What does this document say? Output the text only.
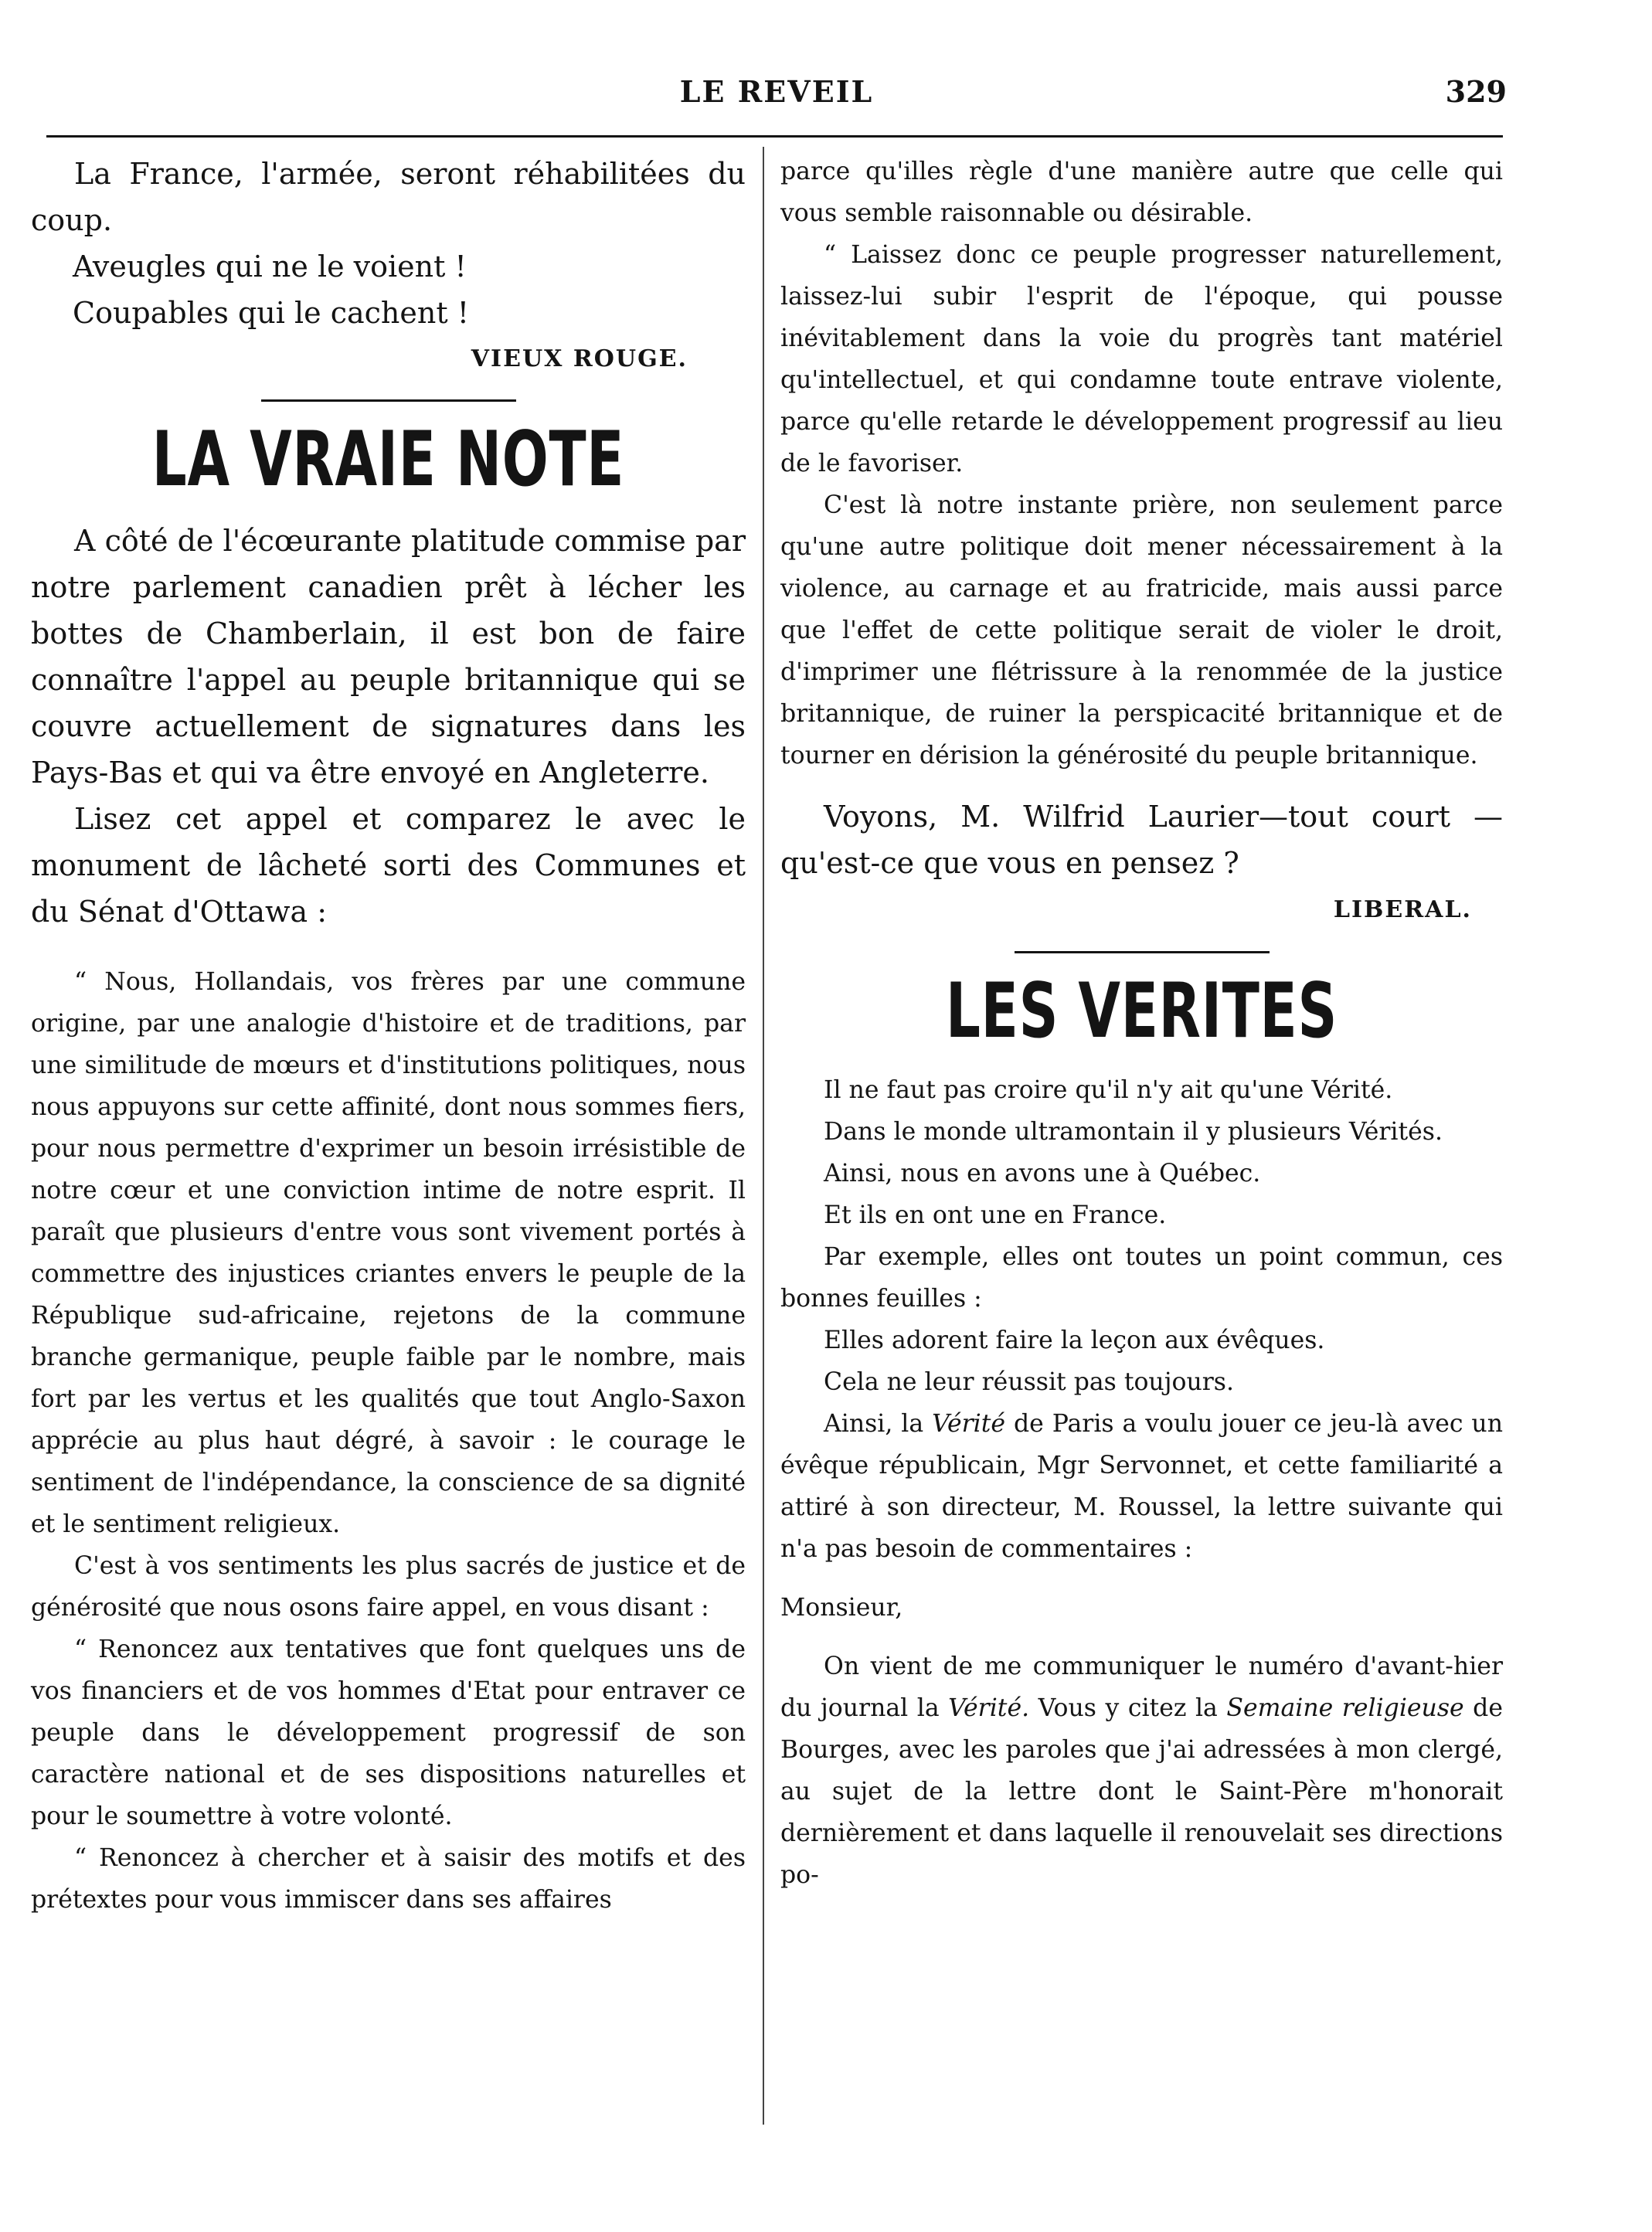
LE REVEIL	329

La France, l'armée, seront réhabilitées du coup.

Aveugles qui ne le voient !

Coupables qui le cachent !

VIEUX ROUGE.

LA VRAIE NOTE

A côté de l'écœurante platitude commise par notre parlement canadien prêt à lécher les bottes de Chamberlain, il est bon de faire connaître l'appel au peuple britannique qui se couvre actuellement de signatures dans les Pays-Bas et qui va être envoyé en Angleterre.

Lisez cet appel et comparez le avec le monument de lâcheté sorti des Communes et du Sénat d'Ottawa :

“ Nous, Hollandais, vos frères par une commune origine, par une analogie d'histoire et de traditions, par une similitude de mœurs et d'institutions politiques, nous nous appuyons sur cette affinité, dont nous sommes fiers, pour nous permettre d'exprimer un besoin irrésistible de notre cœur et une conviction intime de notre esprit. Il paraît que plusieurs d'entre vous sont vivement portés à commettre des injustices criantes envers le peuple de la République sud-africaine, rejetons de la commune branche germanique, peuple faible par le nombre, mais fort par les vertus et les qualités que tout Anglo-Saxon apprécie au plus haut dégré, à savoir : le courage le sentiment de l'indépendance, la conscience de sa dignité et le sentiment religieux.

C'est à vos sentiments les plus sacrés de justice et de générosité que nous osons faire appel, en vous disant :

“ Renoncez aux tentatives que font quelques uns de vos financiers et de vos hommes d'Etat pour entraver ce peuple dans le développement progressif de son caractère national et de ses dispositions naturelles et pour le soumettre à votre volonté.

“ Renoncez à chercher et à saisir des motifs et des prétextes pour vous immiscer dans ses affaires

parce qu'illes règle d'une manière autre que celle qui vous semble raisonnable ou désirable.

“ Laissez donc ce peuple progresser naturellement, laissez-lui subir l'esprit de l'époque, qui pousse inévitablement dans la voie du progrès tant matériel qu'intellectuel, et qui condamne toute entrave violente, parce qu'elle retarde le développement progressif au lieu de le favoriser.

C'est là notre instante prière, non seulement parce qu'une autre politique doit mener nécessairement à la violence, au carnage et au fratricide, mais aussi parce que l'effet de cette politique serait de violer le droit, d'imprimer une flétrissure à la renommée de la justice britannique, de ruiner la perspicacité britannique et de tourner en dérision la générosité du peuple britannique.

Voyons, M. Wilfrid Laurier—tout court —qu'est-ce que vous en pensez ?

LIBERAL.

LES VERITES

Il ne faut pas croire qu'il n'y ait qu'une Vérité.

Dans le monde ultramontain il y plusieurs Vérités.

Ainsi, nous en avons une à Québec.

Et ils en ont une en France.

Par exemple, elles ont toutes un point commun, ces bonnes feuilles :

Elles adorent faire la leçon aux évêques.

Cela ne leur réussit pas toujours.

Ainsi, la Vérité de Paris a voulu jouer ce jeu-là avec un évêque républicain, Mgr Servonnet, et cette familiarité a attiré à son directeur, M. Roussel, la lettre suivante qui n'a pas besoin de commentaires :

Monsieur,

On vient de me communiquer le numéro d'avant-hier du journal la Vérité. Vous y citez la Semaine religieuse de Bourges, avec les paroles que j'ai adressées à mon clergé, au sujet de la lettre dont le Saint-Père m'honorait dernièrement et dans laquelle il renouvelait ses directions po-
